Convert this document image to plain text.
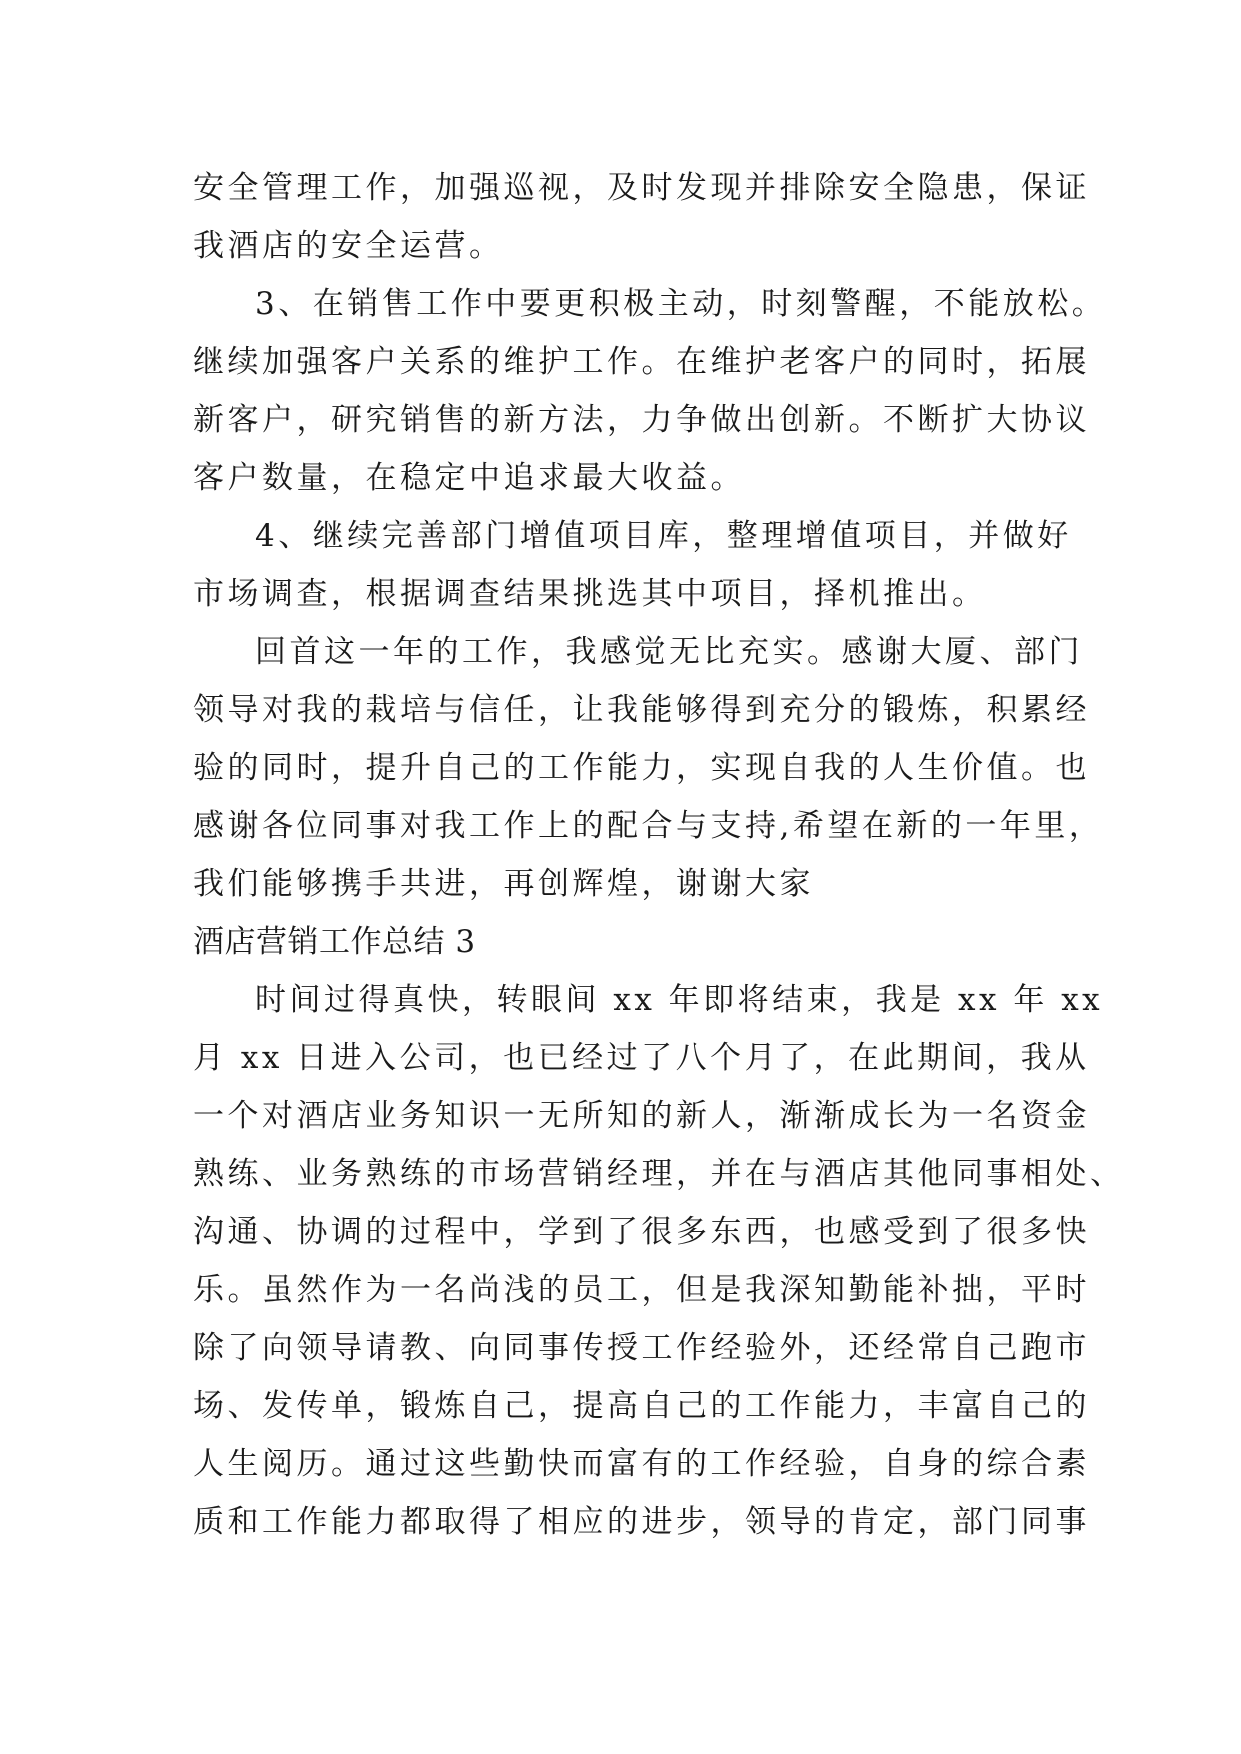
安全管理工作，加强巡视，及时发现并排除安全隐患，保证
我酒店的安全运营。
3、在销售工作中要更积极主动，时刻警醒，不能放松。
继续加强客户关系的维护工作。在维护老客户的同时，拓展
新客户，研究销售的新方法，力争做出创新。不断扩大协议
客户数量，在稳定中追求最大收益。
4、继续完善部门增值项目库，整理增值项目，并做好
市场调查，根据调查结果挑选其中项目，择机推出。
回首这一年的工作，我感觉无比充实。感谢大厦、部门
领导对我的栽培与信任，让我能够得到充分的锻炼，积累经
验的同时，提升自己的工作能力，实现自我的人生价值。也
感谢各位同事对我工作上的配合与支持,希望在新的一年里，
我们能够携手共进，再创辉煌，谢谢大家
酒店营销工作总结 3
时间过得真快，转眼间 xx 年即将结束，我是 xx 年 xx
月 xx 日进入公司，也已经过了八个月了，在此期间，我从
一个对酒店业务知识一无所知的新人，渐渐成长为一名资金
熟练、业务熟练的市场营销经理，并在与酒店其他同事相处、
沟通、协调的过程中，学到了很多东西，也感受到了很多快
乐。虽然作为一名尚浅的员工，但是我深知勤能补拙，平时
除了向领导请教、向同事传授工作经验外，还经常自己跑市
场、发传单，锻炼自己，提高自己的工作能力，丰富自己的
人生阅历。通过这些勤快而富有的工作经验，自身的综合素
质和工作能力都取得了相应的进步，领导的肯定，部门同事
